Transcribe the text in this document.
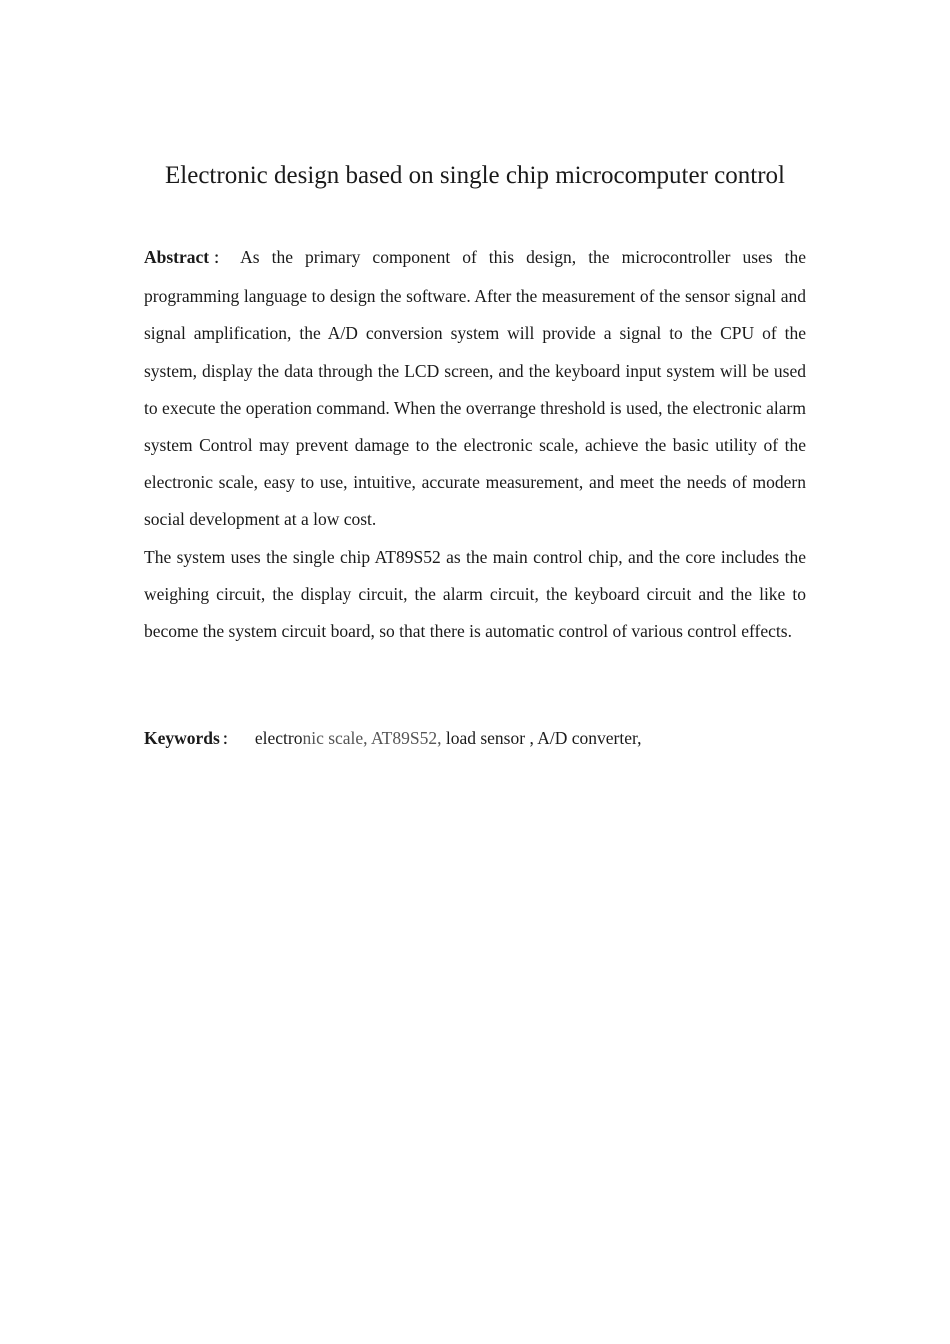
Electronic design based on single chip microcomputer control

Abstract ： As the primary component of this design, the microcontroller uses the programming language to design the software. After the measurement of the sensor signal and signal amplification, the A/D conversion system will provide a signal to the CPU of the system, display the data through the LCD screen, and the keyboard input system will be used to execute the operation command. When the overrange threshold is used, the electronic alarm system Control may prevent damage to the electronic scale, achieve the basic utility of the electronic scale, easy to use, intuitive, accurate measurement, and meet the needs of modern social development at a low cost.

The system uses the single chip AT89S52 as the main control chip, and the core includes the weighing circuit, the display circuit, the alarm circuit, the keyboard circuit and the like to become the system circuit board, so that there is automatic control of various control effects.

Keywords ： electronic scale, AT89S52, load sensor , A/D converter,
